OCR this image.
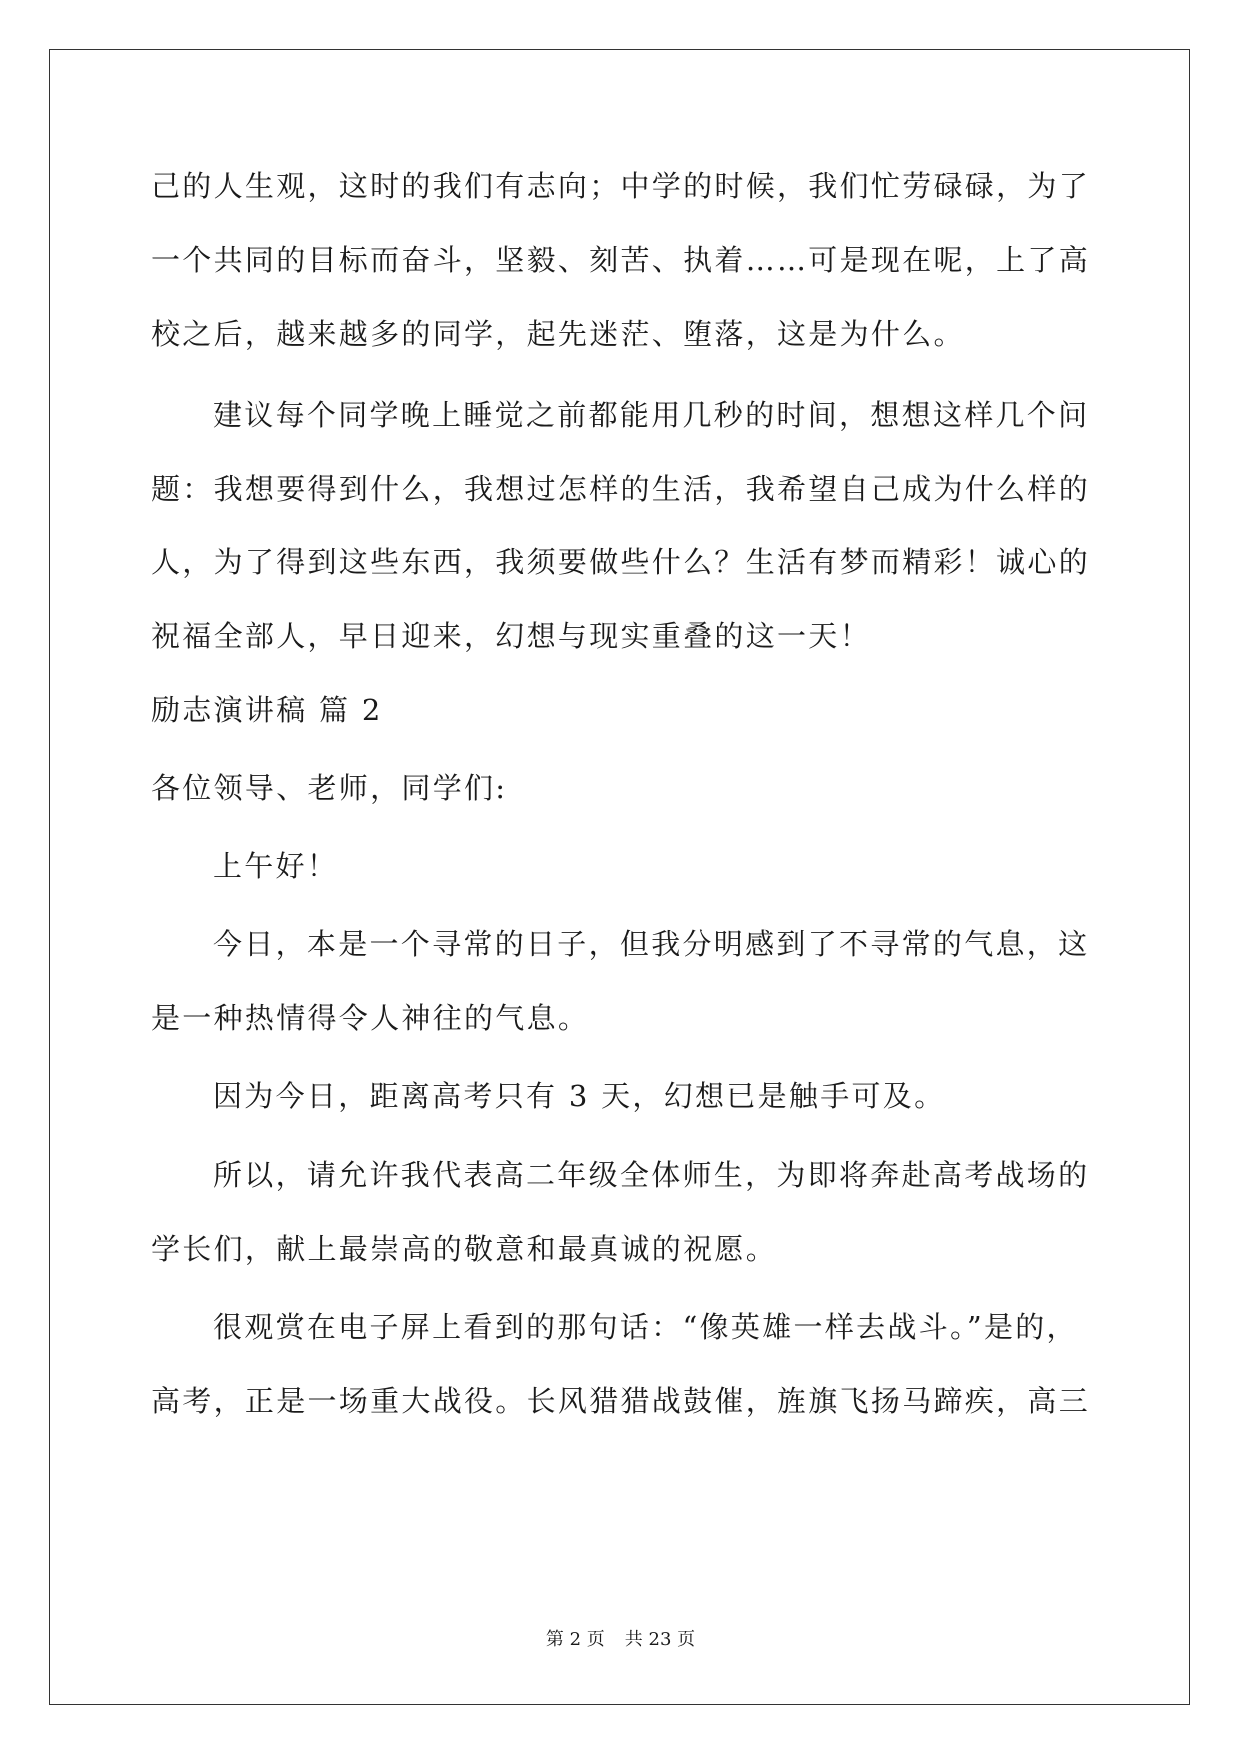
己的人生观，这时的我们有志向；中学的时候，我们忙劳碌碌，为了
一个共同的目标而奋斗，坚毅、刻苦、执着……可是现在呢，上了高
校之后，越来越多的同学，起先迷茫、堕落，这是为什么。
建议每个同学晚上睡觉之前都能用几秒的时间，想想这样几个问
题：我想要得到什么，我想过怎样的生活，我希望自己成为什么样的
人，为了得到这些东西，我须要做些什么？生活有梦而精彩！诚心的
祝福全部人，早日迎来，幻想与现实重叠的这一天！
励志演讲稿 篇 2
各位领导、老师，同学们:
上午好！
今日，本是一个寻常的日子，但我分明感到了不寻常的气息，这
是一种热情得令人神往的气息。
因为今日，距离高考只有 3 天，幻想已是触手可及。
所以，请允许我代表高二年级全体师生，为即将奔赴高考战场的
学长们，献上最崇高的敬意和最真诚的祝愿。
很观赏在电子屏上看到的那句话：“像英雄一样去战斗。”是的，
高考，正是一场重大战役。长风猎猎战鼓催，旌旗飞扬马蹄疾，高三
第 2 页 共 23 页
